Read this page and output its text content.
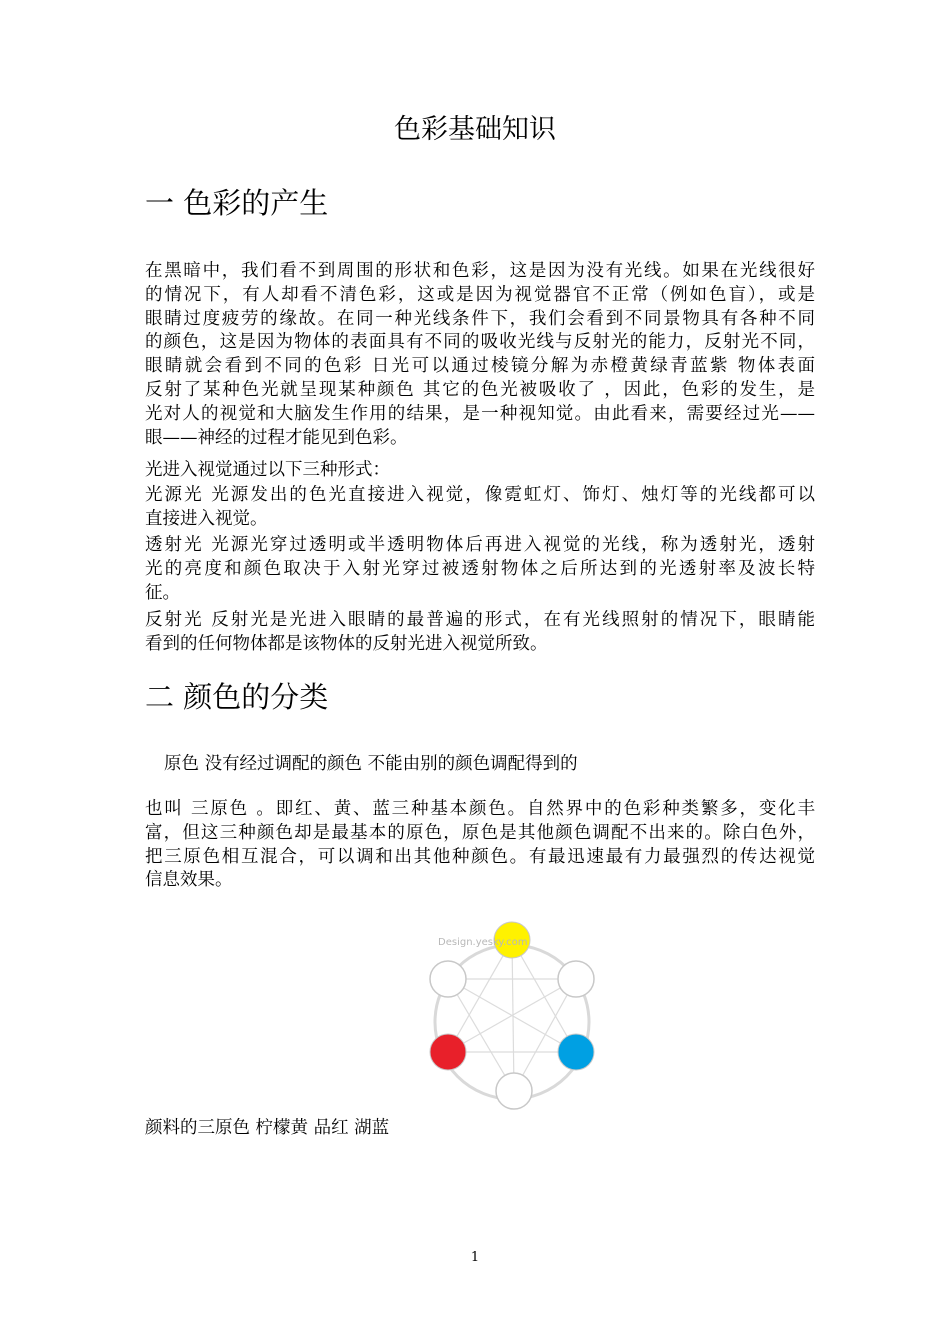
色彩基础知识
一 色彩的产生
在黑暗中，我们看不到周围的形状和色彩，这是因为没有光线。如果在光线很好
的情况下，有人却看不清色彩，这或是因为视觉器官不正常（例如色盲），或是
眼睛过度疲劳的缘故。在同一种光线条件下，我们会看到不同景物具有各种不同
的颜色，这是因为物体的表面具有不同的吸收光线与反射光的能力，反射光不同，
眼睛就会看到不同的色彩 日光可以通过棱镜分解为赤橙黄绿青蓝紫 物体表面
反射了某种色光就呈现某种颜色 其它的色光被吸收了 ，因此，色彩的发生，是
光对人的视觉和大脑发生作用的结果，是一种视知觉。由此看来，需要经过光——
眼——神经的过程才能见到色彩。
光进入视觉通过以下三种形式：
光源光 光源发出的色光直接进入视觉，像霓虹灯、饰灯、烛灯等的光线都可以
直接进入视觉。
透射光 光源光穿过透明或半透明物体后再进入视觉的光线，称为透射光，透射
光的亮度和颜色取决于入射光穿过被透射物体之后所达到的光透射率及波长特
征。
反射光 反射光是光进入眼睛的最普遍的形式，在有光线照射的情况下，眼睛能
看到的任何物体都是该物体的反射光进入视觉所致。
二 颜色的分类
原色 没有经过调配的颜色 不能由别的颜色调配得到的
也叫 三原色 。即红、黄、蓝三种基本颜色。自然界中的色彩种类繁多，变化丰
富，但这三种颜色却是最基本的原色，原色是其他颜色调配不出来的。除白色外，
把三原色相互混合，可以调和出其他种颜色。有最迅速最有力最强烈的传达视觉
信息效果。
Design.yesky.com
颜料的三原色 柠檬黄 品红 湖蓝
1
